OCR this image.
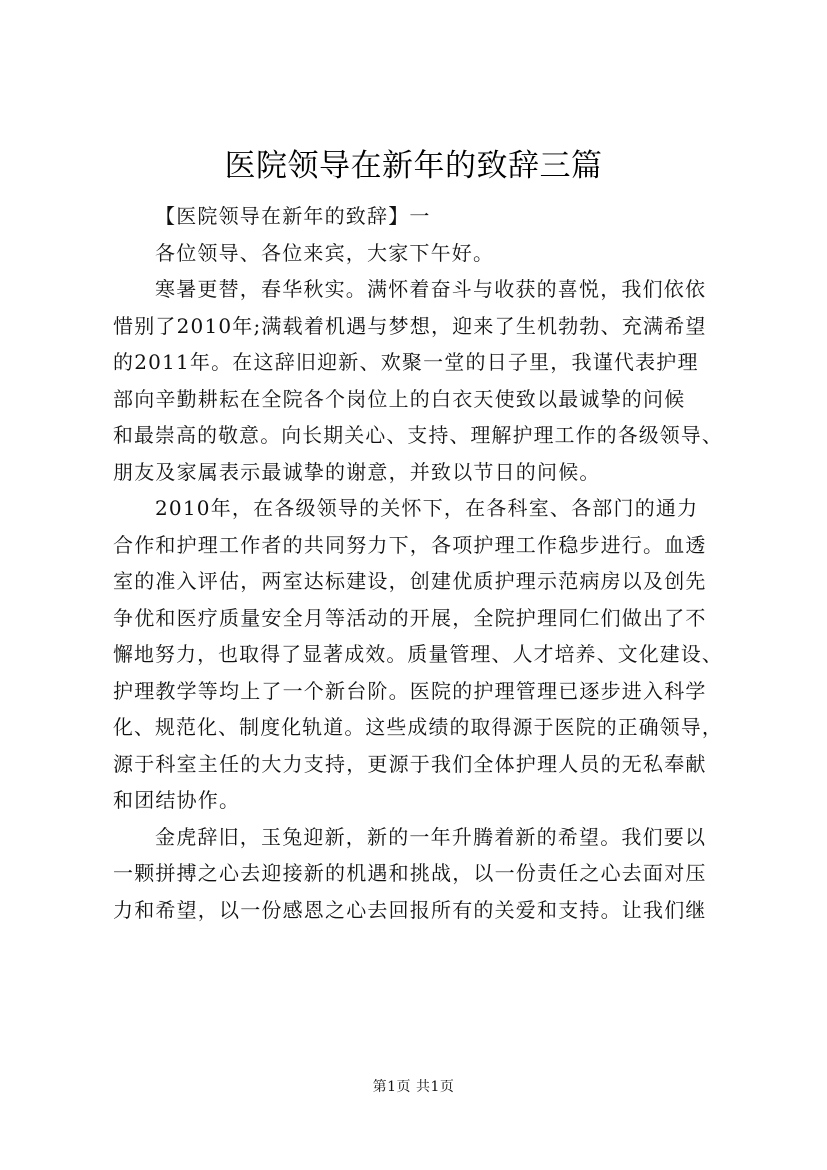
医院领导在新年的致辞三篇
【医院领导在新年的致辞】一
各位领导、各位来宾，大家下午好。
寒暑更替，春华秋实。满怀着奋斗与收获的喜悦，我们依依
惜别了2010年;满载着机遇与梦想，迎来了生机勃勃、充满希望
的2011年。在这辞旧迎新、欢聚一堂的日子里，我谨代表护理
部向辛勤耕耘在全院各个岗位上的白衣天使致以最诚挚的问候
和最崇高的敬意。向长期关心、支持、理解护理工作的各级领导、
朋友及家属表示最诚挚的谢意，并致以节日的问候。
2010年，在各级领导的关怀下，在各科室、各部门的通力
合作和护理工作者的共同努力下，各项护理工作稳步进行。血透
室的准入评估，两室达标建设，创建优质护理示范病房以及创先
争优和医疗质量安全月等活动的开展，全院护理同仁们做出了不
懈地努力，也取得了显著成效。质量管理、人才培养、文化建设、
护理教学等均上了一个新台阶。医院的护理管理已逐步进入科学
化、规范化、制度化轨道。这些成绩的取得源于医院的正确领导，
源于科室主任的大力支持，更源于我们全体护理人员的无私奉献
和团结协作。
金虎辞旧，玉兔迎新，新的一年升腾着新的希望。我们要以
一颗拼搏之心去迎接新的机遇和挑战，以一份责任之心去面对压
力和希望，以一份感恩之心去回报所有的关爱和支持。让我们继
第1页 共1页
